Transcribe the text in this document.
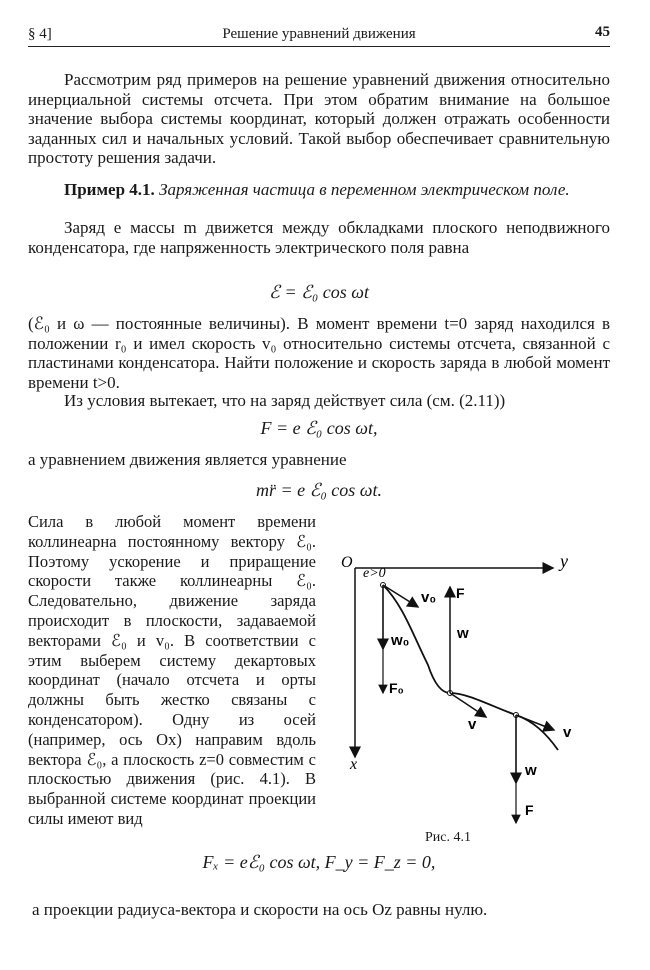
§ 4]	Решение уравнений движения	45
Рассмотрим ряд примеров на решение уравнений движения относительно инерциальной системы отсчета. При этом обратим внимание на большое значение выбора системы координат, который должен отражать особенности заданных сил и начальных условий. Такой выбор обеспечивает сравнительную простоту решения задачи.
Пример 4.1. Заряженная частица в переменном электрическом поле.
Заряд e массы m движется между обкладками плоского неподвижного конденсатора, где напряженность электрического поля равна
ℰ = ℰ₀ cos ωt
(ℰ₀ и ω — постоянные величины). В момент времени t=0 заряд находился в положении r₀ и имел скорость v₀ относительно системы отсчета, связанной с пластинами конденсатора. Найти положение и скорость заряда в любой момент времени t>0.
Из условия вытекает, что на заряд действует сила (см. (2.11))
F = e ℰ₀ cos ωt,
а уравнением движения является уравнение
mr̈ = e ℰ₀ cos ωt.
Сила в любой момент времени коллинеарна постоянному вектору ℰ₀. Поэтому ускорение и приращение скорости также коллинеарны ℰ₀. Следовательно, движение заряда происходит в плоскости, задаваемой векторами ℰ₀ и v₀. В соответствии с этим выберем систему декартовых координат (начало отсчета и орты должны быть жестко связаны с конденсатором). Одну из осей (например, ось Ox) направим вдоль вектора ℰ₀, а плоскость z=0 совместим с плоскостью движения (рис. 4.1). В выбранной системе координат проекции силы имеют вид
O	y
x
e>0
v₀
w₀
F₀
F
w
v	v
w
F
Рис. 4.1
Fₓ = eℰ₀ cos ωt, F_y = F_z = 0,
а проекции радиуса-вектора и скорости на ось Oz равны нулю.
